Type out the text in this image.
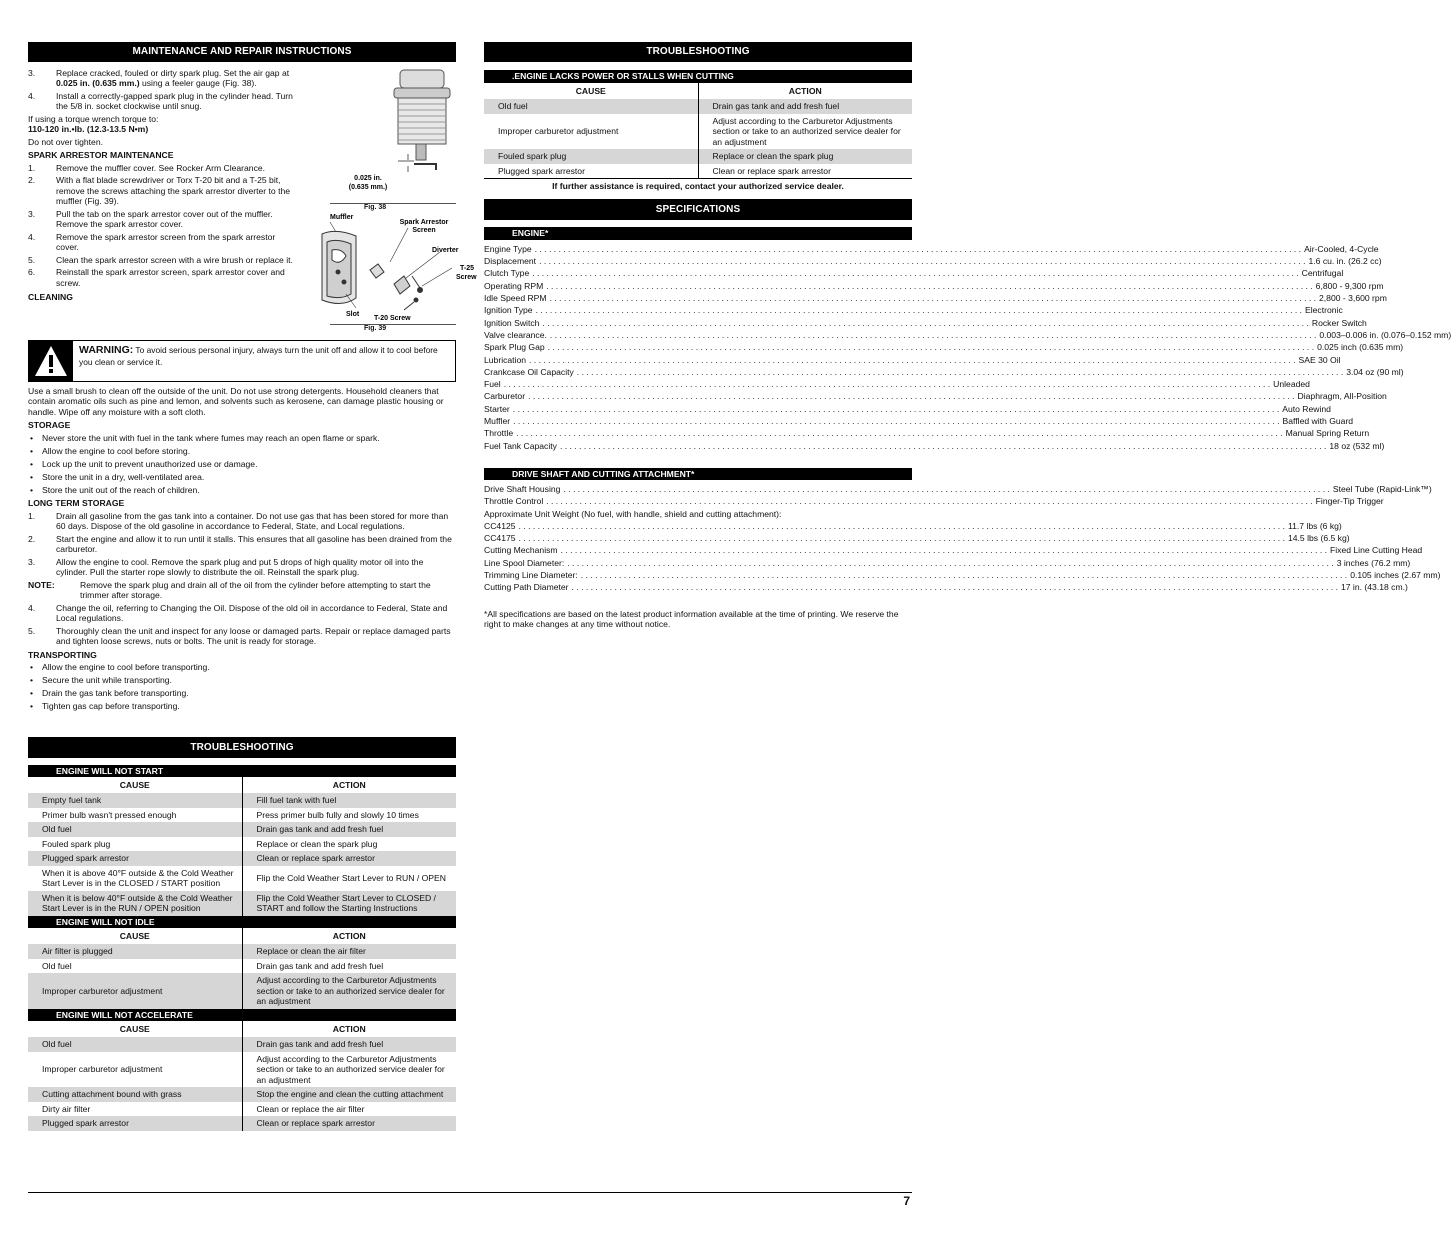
MAINTENANCE AND REPAIR INSTRUCTIONS
3.	Replace cracked, fouled or dirty spark plug. Set the air gap at 0.025 in. (0.635 mm.) using a feeler gauge (Fig. 38).
4.	Install a correctly-gapped spark plug in the cylinder head. Turn the 5/8 in. socket clockwise until snug.

If using a torque wrench torque to:

110-120 in.•lb. (12.3-13.5 N•m)

Do not over tighten.

SPARK ARRESTOR MAINTENANCE
1.	Remove the muffler cover. See Rocker Arm Clearance.
2.	With a flat blade screwdriver or Torx T-20 bit and a T-25 bit, remove the screws attaching the spark arrestor diverter to the muffler (Fig. 39).
3.	Pull the tab on the spark arrestor cover out of the muffler. Remove the spark arrestor cover.
4.	Remove the spark arrestor screen from the spark arrestor cover.
5.	Clean the spark arrestor screen with a wire brush or replace it.
6.	Reinstall the spark arrestor screen, spark arrestor cover and screw.
CLEANING
0.025 in.
(0.635 mm.)
Fig. 38
Muffler
Spark Arrestor
Screen
Diverter
T-25
Screw
Slot
T-20 Screw
Fig. 39
WARNING: To avoid serious personal injury, always turn the unit off and allow it to cool before you clean or service it.

Use a small brush to clean off the outside of the unit. Do not use strong detergents. Household cleaners that contain aromatic oils such as pine and lemon, and solvents such as kerosene, can damage plastic housing or handle. Wipe off any moisture with a soft cloth.

STORAGE
•	Never store the unit with fuel in the tank where fumes may reach an open flame or spark.
•	Allow the engine to cool before storing.
•	Lock up the unit to prevent unauthorized use or damage.
•	Store the unit in a dry, well-ventilated area.
•	Store the unit out of the reach of children.
LONG TERM STORAGE
1.	Drain all gasoline from the gas tank into a container. Do not use gas that has been stored for more than 60 days. Dispose of the old gasoline in accordance to Federal, State, and Local regulations.
2.	Start the engine and allow it to run until it stalls. This ensures that all gasoline has been drained from the carburetor.
3.	Allow the engine to cool. Remove the spark plug and put 5 drops of high quality motor oil into the cylinder. Pull the starter rope slowly to distribute the oil. Reinstall the spark plug.
NOTE:	Remove the spark plug and drain all of the oil from the cylinder before attempting to start the trimmer after storage.
4.	Change the oil, referring to Changing the Oil. Dispose of the old oil in accordance to Federal, State and Local regulations.
5.	Thoroughly clean the unit and inspect for any loose or damaged parts. Repair or replace damaged parts and tighten loose screws, nuts or bolts. The unit is ready for storage.
TRANSPORTING
•	Allow the engine to cool before transporting.
•	Secure the unit while transporting.
•	Drain the gas tank before transporting.
•	Tighten gas cap before transporting.
TROUBLESHOOTING
ENGINE WILL NOT START
CAUSE	ACTION
Empty fuel tank	Fill fuel tank with fuel
Primer bulb wasn't pressed enough	Press primer bulb fully and slowly 10 times
Old fuel	Drain gas tank and add fresh fuel
Fouled spark plug	Replace or clean the spark plug
Plugged spark arrestor	Clean or replace spark arrestor
When it is above 40°F outside & the Cold Weather Start Lever is in the CLOSED / START position	Flip the Cold Weather Start Lever to RUN / OPEN
When it is below 40°F outside & the Cold Weather Start Lever is in the RUN / OPEN position	Flip the Cold Weather Start Lever to CLOSED / START and follow the Starting Instructions
ENGINE WILL NOT IDLE
CAUSE	ACTION
Air filter is plugged	Replace or clean the air filter
Old fuel	Drain gas tank and add fresh fuel
Improper carburetor adjustment	Adjust according to the Carburetor Adjustments section or take to an authorized service dealer for an adjustment
ENGINE WILL NOT ACCELERATE
CAUSE	ACTION
Old fuel	Drain gas tank and add fresh fuel
Improper carburetor adjustment	Adjust according to the Carburetor Adjustments section or take to an authorized service dealer for an adjustment
Cutting attachment bound with grass	Stop the engine and clean the cutting attachment
Dirty air filter	Clean or replace the air filter
Plugged spark arrestor	Clean or replace spark arrestor
TROUBLESHOOTING
.ENGINE LACKS POWER OR STALLS WHEN CUTTING
CAUSE	ACTION
Old fuel	Drain gas tank and add fresh fuel
Improper carburetor adjustment	Adjust according to the Carburetor Adjustments section or take to an authorized service dealer for an adjustment
Fouled spark plug	Replace or clean the spark plug
Plugged spark arrestor	Clean or replace spark arrestor
If further assistance is required, contact your authorized service dealer.
SPECIFICATIONS
ENGINE*
Engine Type . . .	Air-Cooled, 4-Cycle
Displacement . . .	1.6 cu. in. (26.2 cc)
Clutch Type . . .	Centrifugal
Operating RPM . . .	6,800 - 9,300 rpm
Idle Speed RPM . . .	2,800 - 3,600 rpm
Ignition Type . . .	Electronic
Ignition Switch . . .	Rocker Switch
Valve clearance. . . .	0.003–0.006 in. (0.076–0.152 mm)
Spark Plug Gap . . .	0.025 inch (0.635 mm)
Lubrication . . .	SAE 30 Oil
Crankcase Oil Capacity . . .	3.04 oz (90 ml)
Fuel . . .	Unleaded
Carburetor . . .	Diaphragm, All-Position
Starter . . .	Auto Rewind
Muffler . . .	Baffled with Guard
Throttle . . .	Manual Spring Return
Fuel Tank Capacity . . .	18 oz (532 ml)
DRIVE SHAFT AND CUTTING ATTACHMENT*
Drive Shaft Housing . . .	Steel Tube (Rapid-Link™)
Throttle Control . . .	Finger-Tip Trigger
Approximate Unit Weight (No fuel, with handle, shield and cutting attachment):
CC4125 . . .	11.7 lbs (6 kg)
CC4175 . . .	14.5 lbs (6.5 kg)
Cutting Mechanism . . .	Fixed Line Cutting Head
Line Spool Diameter: . . .	3 inches (76.2 mm)
Trimming Line Diameter: . . .	0.105 inches (2.67 mm)
Cutting Path Diameter . . .	17 in. (43.18 cm.)

*All specifications are based on the latest product information available at the time of printing. We reserve the right to make changes at any time without notice.

7
